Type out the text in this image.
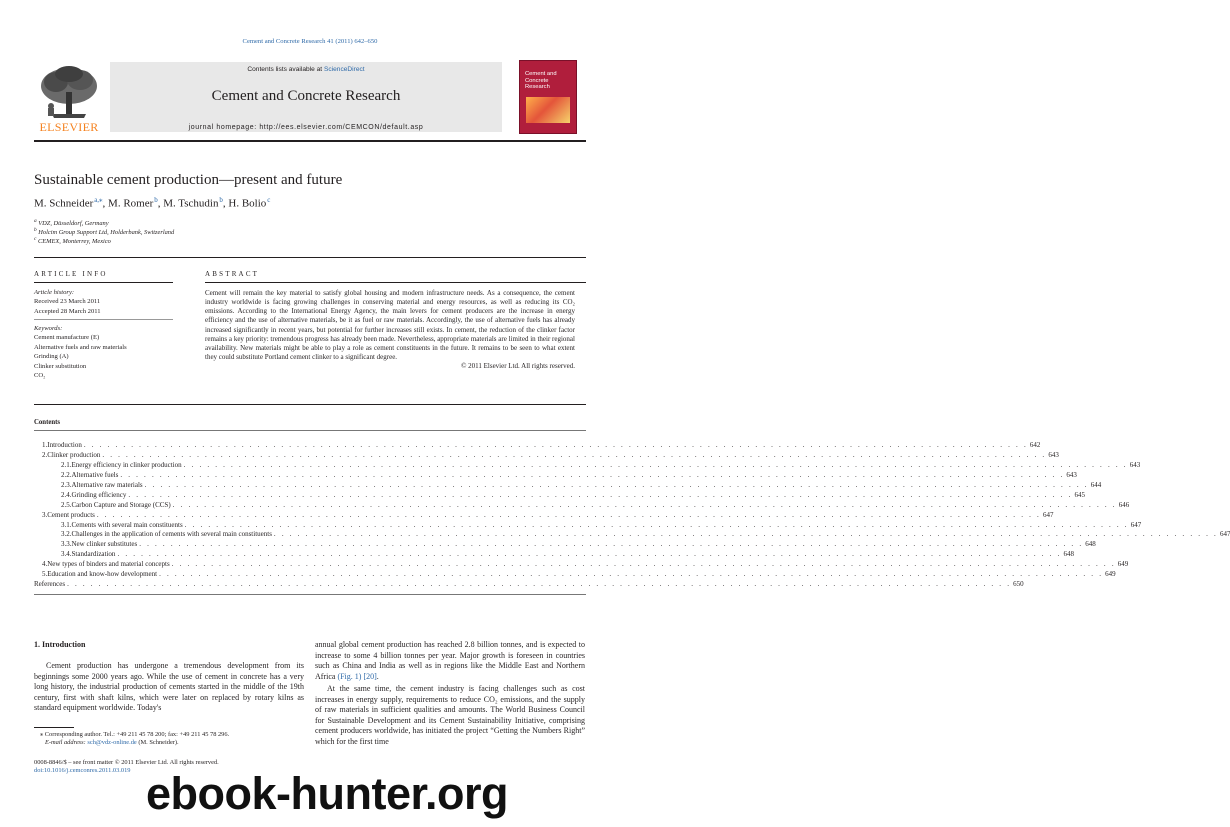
Cement and Concrete Research 41 (2011) 642–650
ELSEVIER
Contents lists available at ScienceDirect
Cement and Concrete Research
journal homepage: http://ees.elsevier.com/CEMCON/default.asp
Cement and Concrete Research
Sustainable cement production—present and future
M. Schneider $^{a,⁎}$, M. Romer $^b$, M. Tschudin $^b$, H. Bolio $^c$
$^a$ VDZ, Düsseldorf, Germany
$^b$ Holcim Group Support Ltd, Holderbank, Switzerland
$^c$ CEMEX, Monterrey, Mexico
ARTICLE INFO
Article history:
Received 23 March 2011
Accepted 28 March 2011
Keywords:
Cement manufacture (E)
Alternative fuels and raw materials
Grinding (A)
Clinker substitution
CO₂
ABSTRACT
Cement will remain the key material to satisfy global housing and modern infrastructure needs. As a consequence, the cement industry worldwide is facing growing challenges in conserving material and energy resources, as well as reducing its CO₂ emissions. According to the International Energy Agency, the main levers for cement producers are the increase in energy efficiency and the use of alternative materials, be it as fuel or raw materials. Accordingly, the use of alternative fuels has already increased significantly in recent years, but potential for further increases still exists. In cement, the reduction of the clinker factor remains a key priority: tremendous progress has already been made. Nevertheless, appropriate materials are limited in their regional availability. New materials might be able to play a role as cement constituents in the future. It remains to be seen to what extent they could substitute Portland cement clinker to a significant degree.
© 2011 Elsevier Ltd. All rights reserved.
Contents
1. Introduction . . . . . . . . . . . . . . . . . . . . . . . . . . . . . . . . . . . . . . . . . . . . . . . . . . . . . . . . . . . . . . . . . . . . . . . . . . . . . . . . . . . . . . . . . . . . . . . . . . . . . . . . . . . . . . . . . . . . . . . . 642
2. Clinker production . . . . . . . . . . . . . . . . . . . . . . . . . . . . . . . . . . . . . . . . . . . . . . . . . . . . . . . . . . . . . . . . . . . . . . . . . . . . . . . . . . . . . . . . . . . . . . . . . . . . . . . . . . . . . . . . . . . . . . . . 643
2.1. Energy efficiency in clinker production . . . . . . . . . . . . . . . . . . . . . . . . . . . . . . . . . . . . . . . . . . . . . . . . . . . . . . . . . . . . . . . . . . . . . . . . . . . . . . . . . . . . . . . . . . . . . . . . . . . . . . . . . . . . . . . . . . . . . . . . 643
2.2. Alternative fuels . . . . . . . . . . . . . . . . . . . . . . . . . . . . . . . . . . . . . . . . . . . . . . . . . . . . . . . . . . . . . . . . . . . . . . . . . . . . . . . . . . . . . . . . . . . . . . . . . . . . . . . . . . . . . . . . . . . . . . . . 643
2.3. Alternative raw materials . . . . . . . . . . . . . . . . . . . . . . . . . . . . . . . . . . . . . . . . . . . . . . . . . . . . . . . . . . . . . . . . . . . . . . . . . . . . . . . . . . . . . . . . . . . . . . . . . . . . . . . . . . . . . . . . . . . . . . . . 644
2.4. Grinding efficiency . . . . . . . . . . . . . . . . . . . . . . . . . . . . . . . . . . . . . . . . . . . . . . . . . . . . . . . . . . . . . . . . . . . . . . . . . . . . . . . . . . . . . . . . . . . . . . . . . . . . . . . . . . . . . . . . . . . . . . . . 645
2.5. Carbon Capture and Storage (CCS) . . . . . . . . . . . . . . . . . . . . . . . . . . . . . . . . . . . . . . . . . . . . . . . . . . . . . . . . . . . . . . . . . . . . . . . . . . . . . . . . . . . . . . . . . . . . . . . . . . . . . . . . . . . . . . . . . . . . . . . . 646
3. Cement products . . . . . . . . . . . . . . . . . . . . . . . . . . . . . . . . . . . . . . . . . . . . . . . . . . . . . . . . . . . . . . . . . . . . . . . . . . . . . . . . . . . . . . . . . . . . . . . . . . . . . . . . . . . . . . . . . . . . . . . . 647
3.1. Cements with several main constituents . . . . . . . . . . . . . . . . . . . . . . . . . . . . . . . . . . . . . . . . . . . . . . . . . . . . . . . . . . . . . . . . . . . . . . . . . . . . . . . . . . . . . . . . . . . . . . . . . . . . . . . . . . . . . . . . . . . . . . . . 647
3.2. Challenges in the application of cements with several main constituents . . . . . . . . . . . . . . . . . . . . . . . . . . . . . . . . . . . . . . . . . . . . . . . . . . . . . . . . . . . . . . . . . . . . . . . . . . . . . . . . . . . . . . . . . . . . . . . . . . . . . . . . . . . . . . . . . . . . . . . . 647
3.3. New clinker substitutes . . . . . . . . . . . . . . . . . . . . . . . . . . . . . . . . . . . . . . . . . . . . . . . . . . . . . . . . . . . . . . . . . . . . . . . . . . . . . . . . . . . . . . . . . . . . . . . . . . . . . . . . . . . . . . . . . . . . . . . . 648
3.4. Standardization . . . . . . . . . . . . . . . . . . . . . . . . . . . . . . . . . . . . . . . . . . . . . . . . . . . . . . . . . . . . . . . . . . . . . . . . . . . . . . . . . . . . . . . . . . . . . . . . . . . . . . . . . . . . . . . . . . . . . . . . 648
4. New types of binders and material concepts . . . . . . . . . . . . . . . . . . . . . . . . . . . . . . . . . . . . . . . . . . . . . . . . . . . . . . . . . . . . . . . . . . . . . . . . . . . . . . . . . . . . . . . . . . . . . . . . . . . . . . . . . . . . . . . . . . . . . . . . 649
5. Education and know-how development . . . . . . . . . . . . . . . . . . . . . . . . . . . . . . . . . . . . . . . . . . . . . . . . . . . . . . . . . . . . . . . . . . . . . . . . . . . . . . . . . . . . . . . . . . . . . . . . . . . . . . . . . . . . . . . . . . . . . . . . 649
References . . . . . . . . . . . . . . . . . . . . . . . . . . . . . . . . . . . . . . . . . . . . . . . . . . . . . . . . . . . . . . . . . . . . . . . . . . . . . . . . . . . . . . . . . . . . . . . . . . . . . . . . . . . . . . . . . . . . . . . . 650
1. Introduction
Cement production has undergone a tremendous development from its beginnings some 2000 years ago. While the use of cement in concrete has a very long history, the industrial production of cements started in the middle of the 19th century, first with shaft kilns, which were later on replaced by rotary kilns as standard equipment worldwide. Today's
annual global cement production has reached 2.8 billion tonnes, and is expected to increase to some 4 billion tonnes per year. Major growth is foreseen in countries such as China and India as well as in regions like the Middle East and Northern Africa (Fig. 1) [20].
At the same time, the cement industry is facing challenges such as cost increases in energy supply, requirements to reduce CO₂ emissions, and the supply of raw materials in sufficient qualities and amounts. The World Business Council for Sustainable Development and its Cement Sustainability Initiative, comprising cement producers worldwide, has initiated the project “Getting the Numbers Right” which for the first time
⁎ Corresponding author. Tel.: +49 211 45 78 200; fax: +49 211 45 78 296.
E-mail address: sch@vdz-online.de (M. Schneider).
0008-8846/$ – see front matter © 2011 Elsevier Ltd. All rights reserved.
doi:10.1016/j.cemconres.2011.03.019 ebook-hunter.org
